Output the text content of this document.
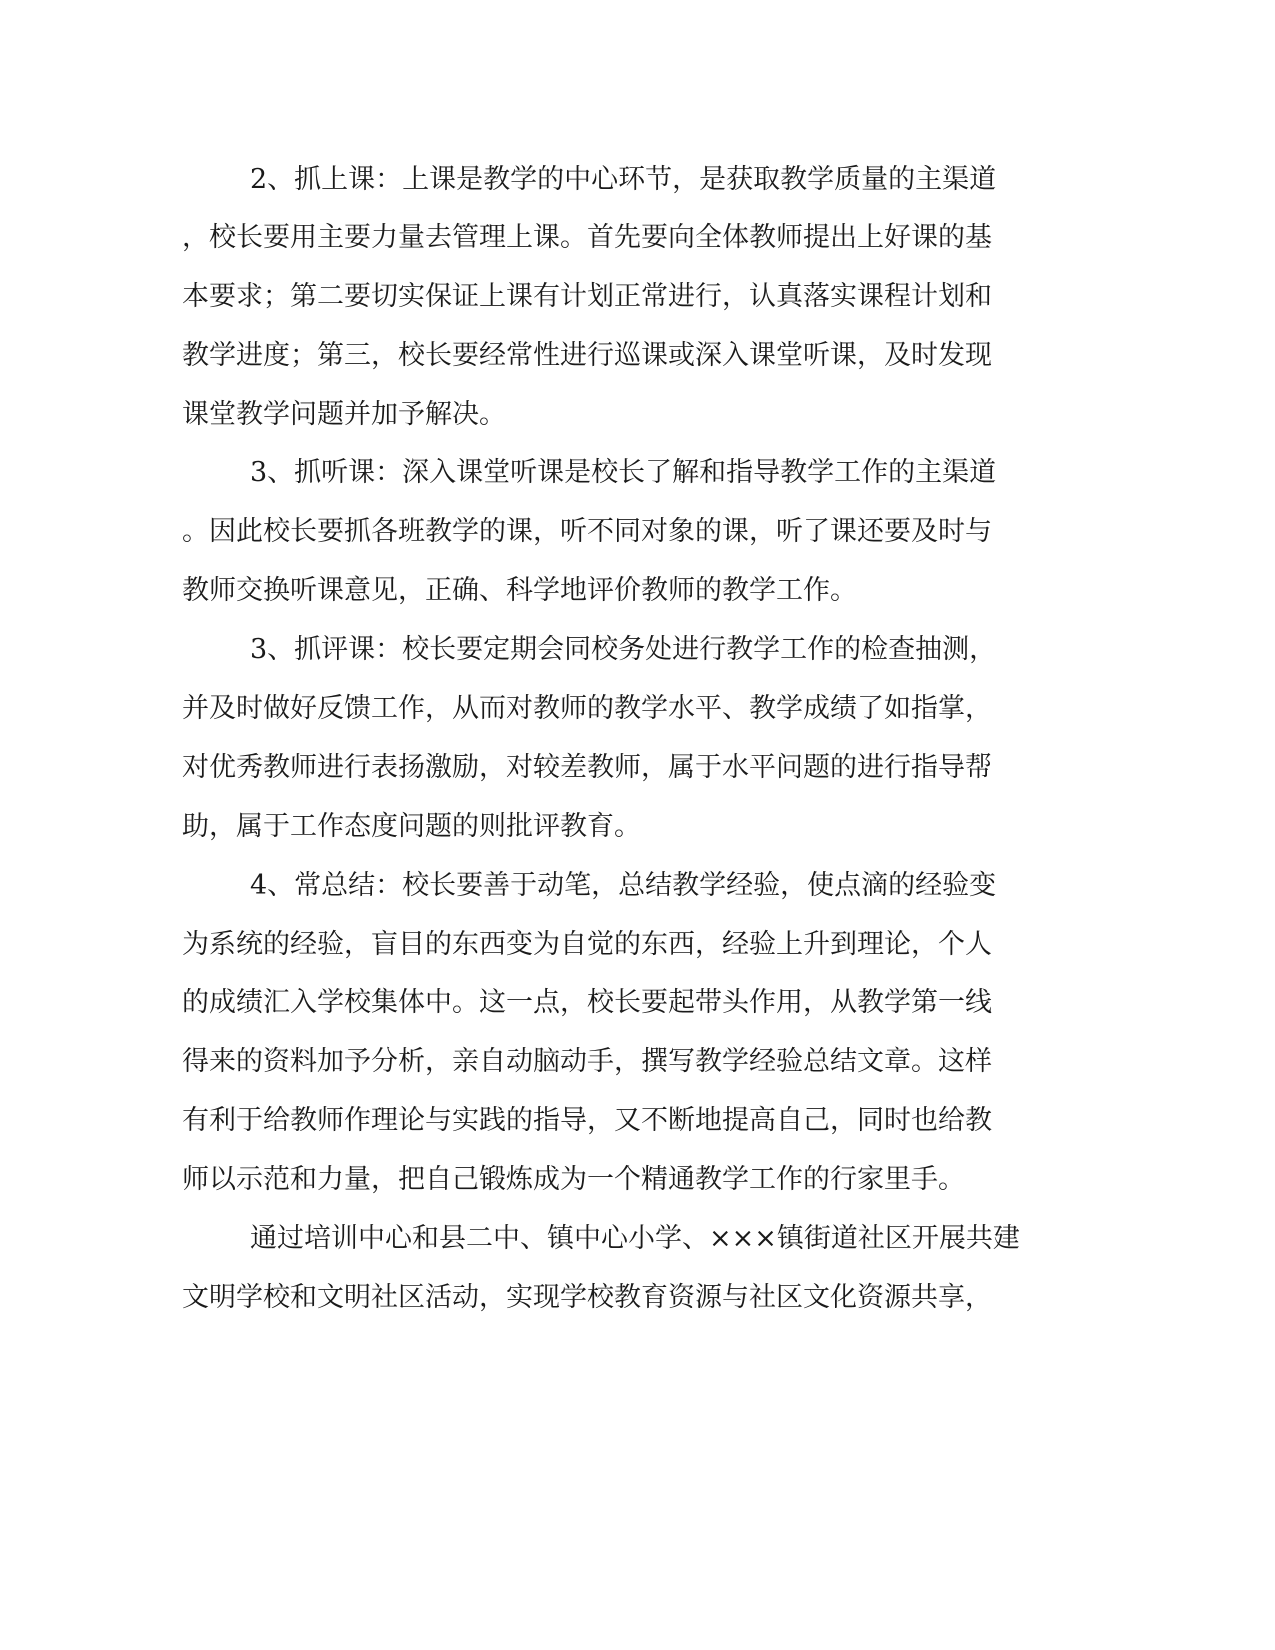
2、抓上课：上课是教学的中心环节，是获取教学质量的主渠道
，校长要用主要力量去管理上课。首先要向全体教师提出上好课的基
本要求；第二要切实保证上课有计划正常进行，认真落实课程计划和
教学进度；第三，校长要经常性进行巡课或深入课堂听课，及时发现
课堂教学问题并加予解决。
3、抓听课：深入课堂听课是校长了解和指导教学工作的主渠道
。因此校长要抓各班教学的课，听不同对象的课，听了课还要及时与
教师交换听课意见，正确、科学地评价教师的教学工作。
3、抓评课：校长要定期会同校务处进行教学工作的检查抽测，
并及时做好反馈工作，从而对教师的教学水平、教学成绩了如指掌，
对优秀教师进行表扬激励，对较差教师，属于水平问题的进行指导帮
助，属于工作态度问题的则批评教育。
4、常总结：校长要善于动笔，总结教学经验，使点滴的经验变
为系统的经验，盲目的东西变为自觉的东西，经验上升到理论，个人
的成绩汇入学校集体中。这一点，校长要起带头作用，从教学第一线
得来的资料加予分析，亲自动脑动手，撰写教学经验总结文章。这样
有利于给教师作理论与实践的指导，又不断地提高自己，同时也给教
师以示范和力量，把自己锻炼成为一个精通教学工作的行家里手。
通过培训中心和县二中、镇中心小学、×××镇街道社区开展共建
文明学校和文明社区活动，实现学校教育资源与社区文化资源共享，
